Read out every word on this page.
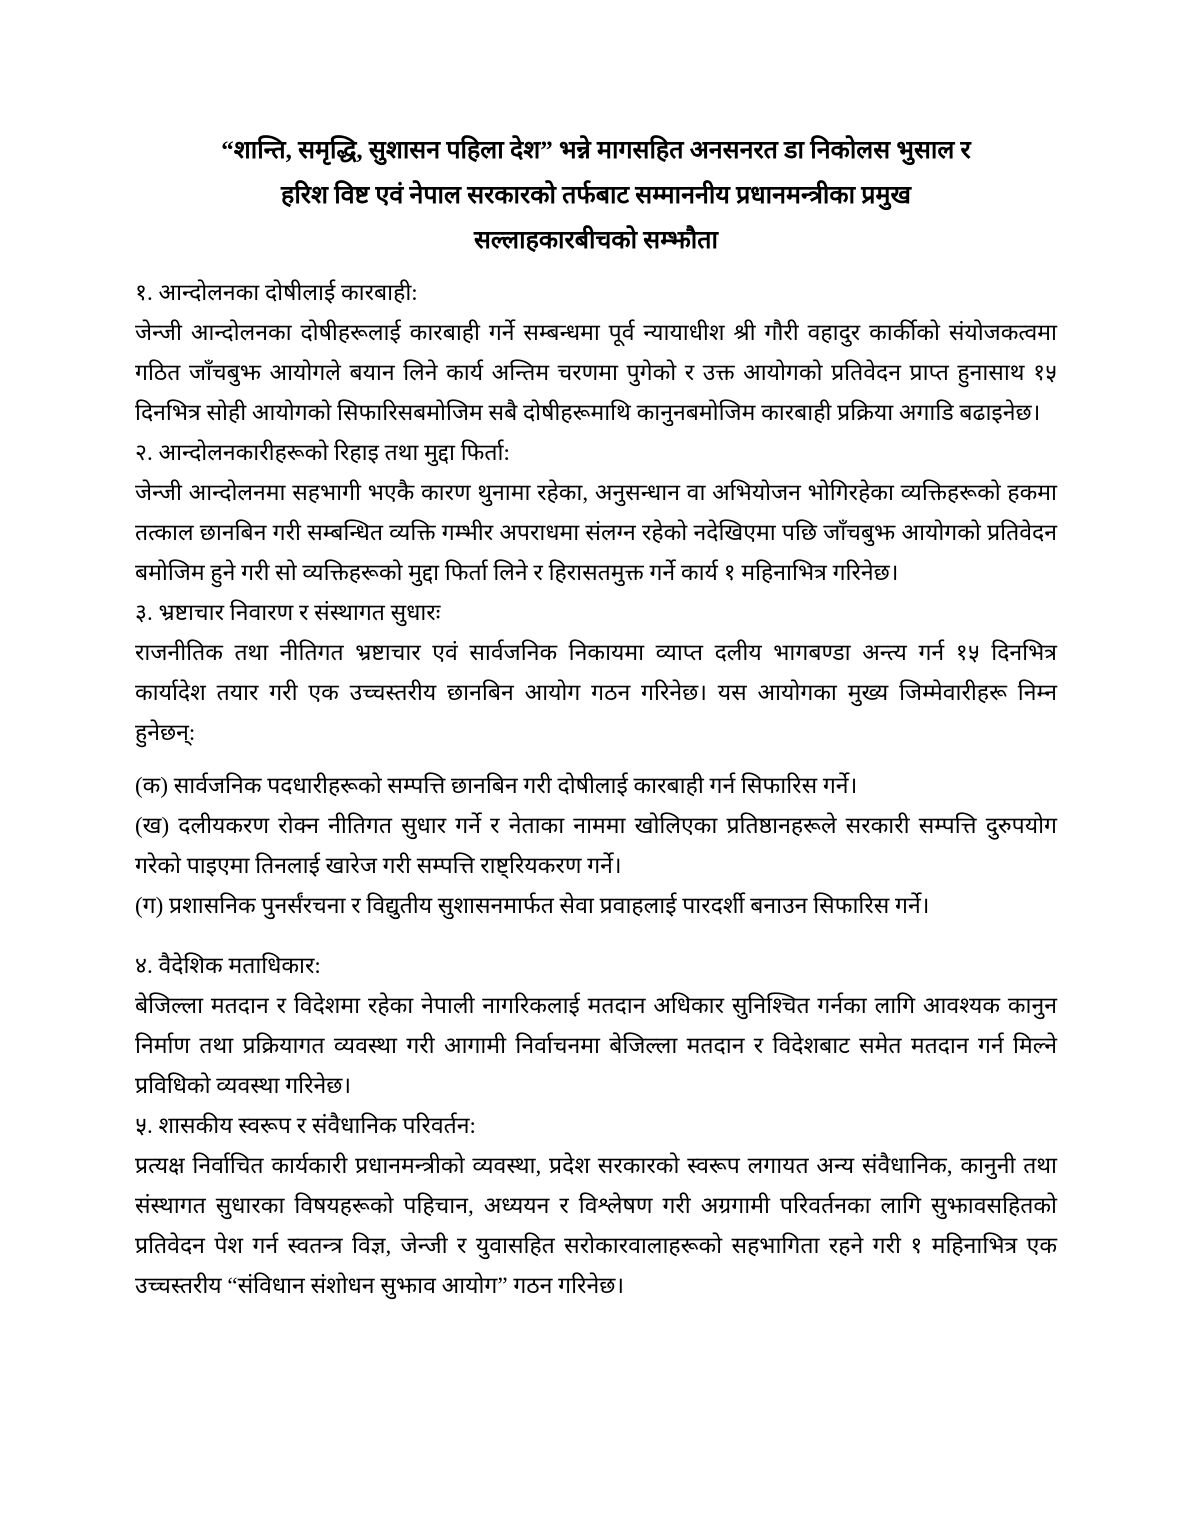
“शान्ति, समृद्धि, सुशासन पहिला देश” भन्ने मागसहित अनसनरत डा निकोलस भुसाल र
हरिश विष्ट एवं नेपाल सरकारको तर्फबाट सम्माननीय प्रधानमन्त्रीका प्रमुख
सल्लाहकारबीचको सम्झौता

१. आन्दोलनका दोषीलाई कारबाही:

जेन्जी आन्दोलनका दोषीहरूलाई कारबाही गर्ने सम्बन्धमा पूर्व न्यायाधीश श्री गौरी वहादुर कार्कीको संयोजकत्वमा गठित जाँचबुझ आयोगले बयान लिने कार्य अन्तिम चरणमा पुगेको र उक्त आयोगको प्रतिवेदन प्राप्त हुनासाथ १५ दिनभित्र सोही आयोगको सिफारिसबमोजिम सबै दोषीहरूमाथि कानुनबमोजिम कारबाही प्रक्रिया अगाडि बढाइनेछ।

२. आन्दोलनकारीहरूको रिहाइ तथा मुद्दा फिर्ता:

जेन्जी आन्दोलनमा सहभागी भएकै कारण थुनामा रहेका, अनुसन्धान वा अभियोजन भोगिरहेका व्यक्तिहरूको हकमा तत्काल छानबिन गरी सम्बन्धित व्यक्ति गम्भीर अपराधमा संलग्न रहेको नदेखिएमा पछि जाँचबुझ आयोगको प्रतिवेदन बमोजिम हुने गरी सो व्यक्तिहरूको मुद्दा फिर्ता लिने र हिरासतमुक्त गर्ने कार्य १ महिनाभित्र गरिनेछ।

३. भ्रष्टाचार निवारण र संस्थागत सुधारः

राजनीतिक तथा नीतिगत भ्रष्टाचार एवं सार्वजनिक निकायमा व्याप्त दलीय भागबण्डा अन्त्य गर्न १५ दिनभित्र कार्यादेश तयार गरी एक उच्चस्तरीय छानबिन आयोग गठन गरिनेछ। यस आयोगका मुख्य जिम्मेवारीहरू निम्न हुनेछन्:

(क) सार्वजनिक पदधारीहरूको सम्पत्ति छानबिन गरी दोषीलाई कारबाही गर्न सिफारिस गर्ने।

(ख) दलीयकरण रोक्न नीतिगत सुधार गर्ने र नेताका नाममा खोलिएका प्रतिष्ठानहरूले सरकारी सम्पत्ति दुरुपयोग गरेको पाइएमा तिनलाई खारेज गरी सम्पत्ति राष्ट्रियकरण गर्ने।

(ग) प्रशासनिक पुनर्संरचना र विद्युतीय सुशासनमार्फत सेवा प्रवाहलाई पारदर्शी बनाउन सिफारिस गर्ने।

४. वैदेशिक मताधिकार:

बेजिल्ला मतदान र विदेशमा रहेका नेपाली नागरिकलाई मतदान अधिकार सुनिश्चित गर्नका लागि आवश्यक कानुन निर्माण तथा प्रक्रियागत व्यवस्था गरी आगामी निर्वाचनमा बेजिल्ला मतदान र विदेशबाट समेत मतदान गर्न मिल्ने प्रविधिको व्यवस्था गरिनेछ।

५. शासकीय स्वरूप र संवैधानिक परिवर्तन:

प्रत्यक्ष निर्वाचित कार्यकारी प्रधानमन्त्रीको व्यवस्था, प्रदेश सरकारको स्वरूप लगायत अन्य संवैधानिक, कानुनी तथा संस्थागत सुधारका विषयहरूको पहिचान, अध्ययन र विश्लेषण गरी अग्रगामी परिवर्तनका लागि सुझावसहितको प्रतिवेदन पेश गर्न स्वतन्त्र विज्ञ, जेन्जी र युवासहित सरोकारवालाहरूको सहभागिता रहने गरी १ महिनाभित्र एक उच्चस्तरीय “संविधान संशोधन सुझाव आयोग” गठन गरिनेछ।
